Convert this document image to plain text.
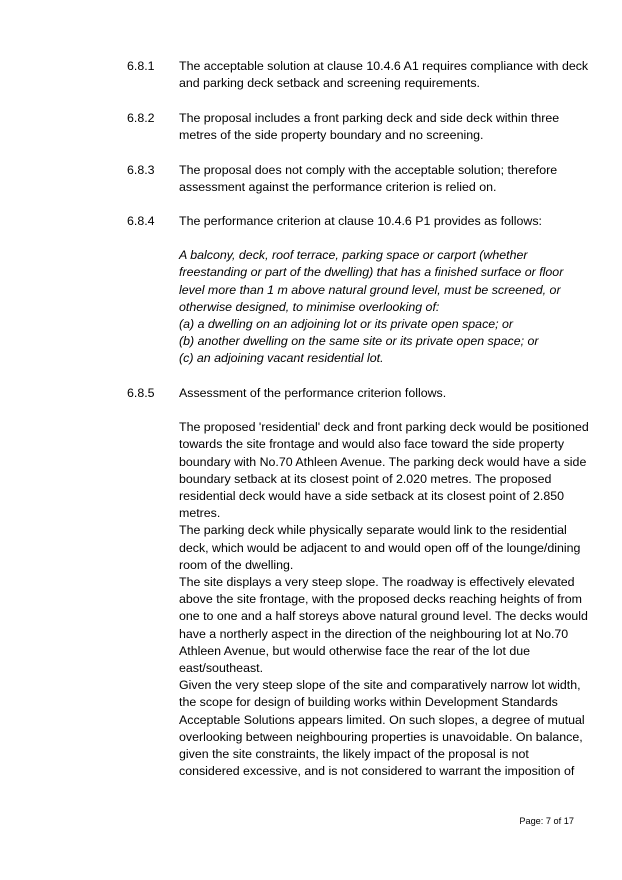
6.8.1 The acceptable solution at clause 10.4.6 A1 requires compliance with deck and parking deck setback and screening requirements.

6.8.2 The proposal includes a front parking deck and side deck within three metres of the side property boundary and no screening.

6.8.3 The proposal does not comply with the acceptable solution; therefore assessment against the performance criterion is relied on.

6.8.4 The performance criterion at clause 10.4.6 P1 provides as follows:

A balcony, deck, roof terrace, parking space or carport (whether freestanding or part of the dwelling) that has a finished surface or floor level more than 1 m above natural ground level, must be screened, or otherwise designed, to minimise overlooking of:

(a) a dwelling on an adjoining lot or its private open space; or

(b) another dwelling on the same site or its private open space; or

(c) an adjoining vacant residential lot.

6.8.5 Assessment of the performance criterion follows.

The proposed 'residential' deck and front parking deck would be positioned towards the site frontage and would also face toward the side property boundary with No.70 Athleen Avenue. The parking deck would have a side boundary setback at its closest point of 2.020 metres. The proposed residential deck would have a side setback at its closest point of 2.850 metres.

The parking deck while physically separate would link to the residential deck, which would be adjacent to and would open off of the lounge/dining room of the dwelling.

The site displays a very steep slope. The roadway is effectively elevated above the site frontage, with the proposed decks reaching heights of from one to one and a half storeys above natural ground level. The decks would have a northerly aspect in the direction of the neighbouring lot at No.70 Athleen Avenue, but would otherwise face the rear of the lot due east/southeast.

Given the very steep slope of the site and comparatively narrow lot width, the scope for design of building works within Development Standards Acceptable Solutions appears limited. On such slopes, a degree of mutual overlooking between neighbouring properties is unavoidable. On balance, given the site constraints, the likely impact of the proposal is not considered excessive, and is not considered to warrant the imposition of

Page: 7 of 17
